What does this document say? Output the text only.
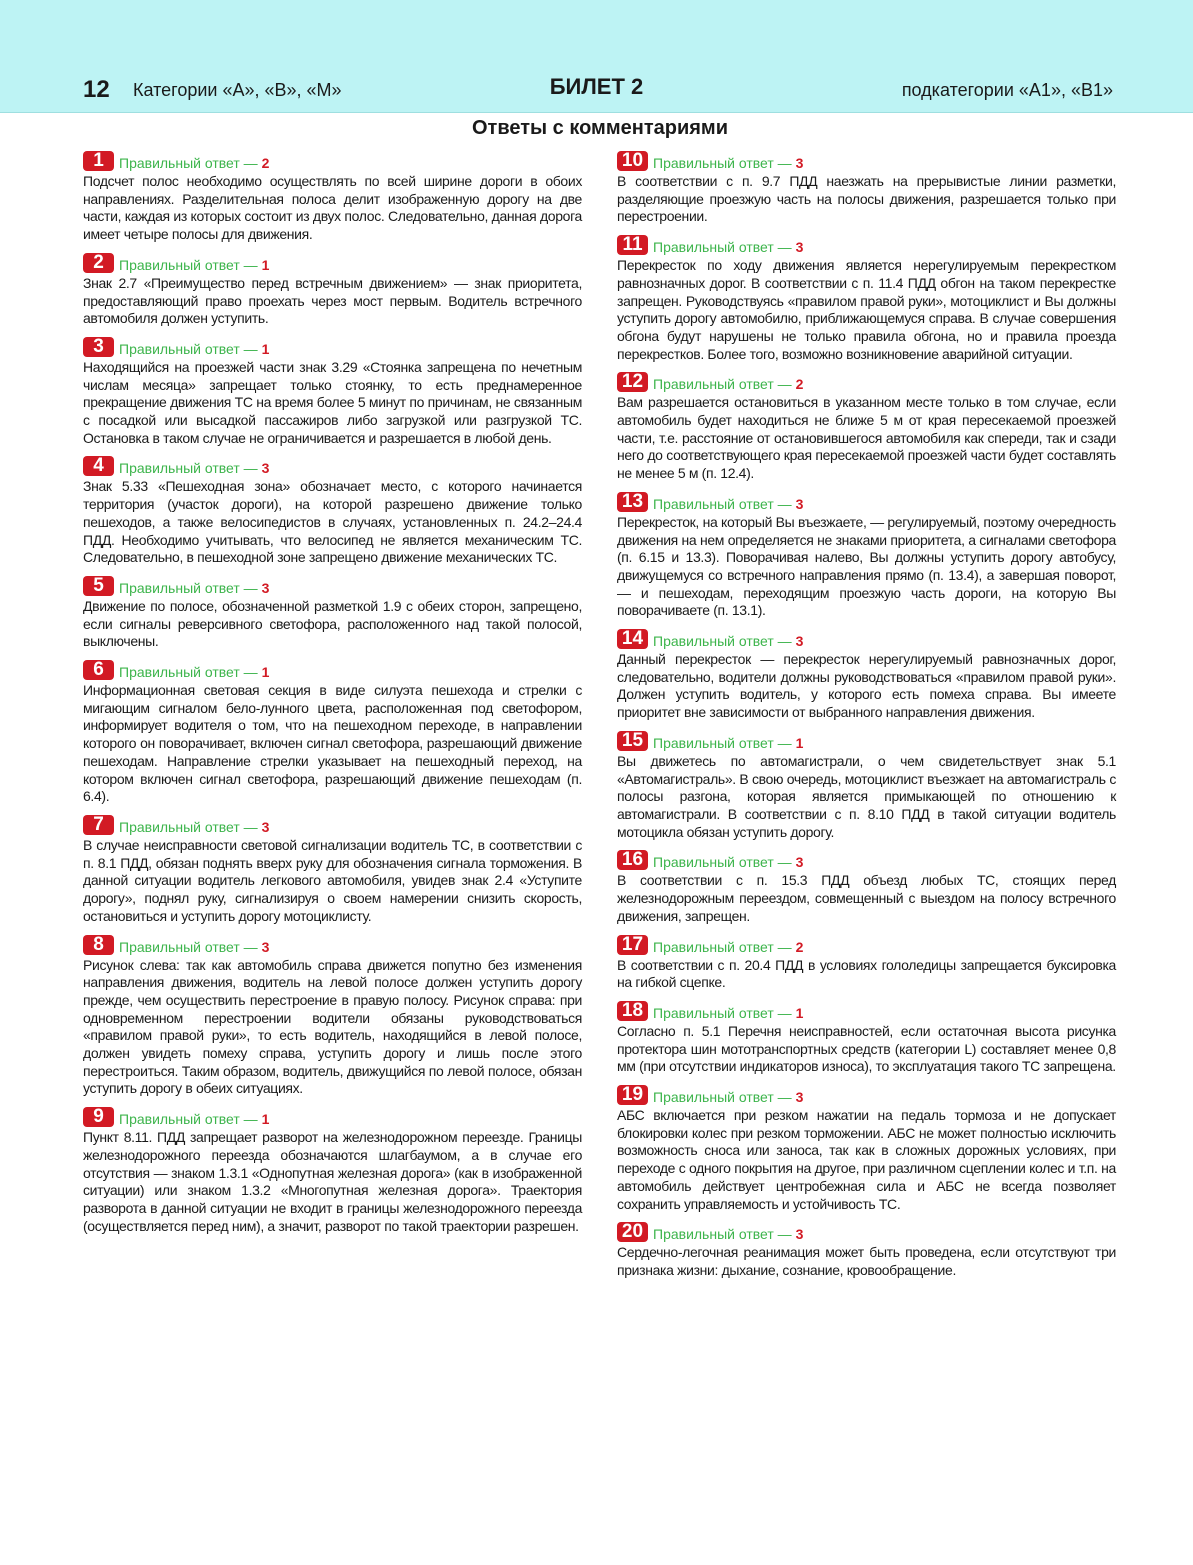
12 Категории «А», «В», «М»	БИЛЕТ 2	подкатегории «А1», «В1»
Ответы с комментариями
1	Правильный ответ — 2
Подсчет полос необходимо осуществлять по всей ширине дороги в обоих направлениях. Разделительная полоса делит изображенную дорогу на две части, каждая из которых состоит из двух полос. Следовательно, данная дорога имеет четыре полосы для движения.
2	Правильный ответ — 1
Знак 2.7 «Преимущество перед встречным движением» — знак приоритета, предоставляющий право проехать через мост первым. Водитель встречного автомобиля должен уступить.
3	Правильный ответ — 1
Находящийся на проезжей части знак 3.29 «Стоянка запрещена по нечетным числам месяца» запрещает только стоянку, то есть преднамеренное прекращение движения ТС на время более 5 минут по причинам, не связанным с посадкой или высадкой пассажиров либо загрузкой или разгрузкой ТС. Остановка в таком случае не ограничивается и разрешается в любой день.
4	Правильный ответ — 3
Знак 5.33 «Пешеходная зона» обозначает место, с которого начинается территория (участок дороги), на которой разрешено движение только пешеходов, а также велосипедистов в случаях, установленных п. 24.2–24.4 ПДД. Необходимо учитывать, что велосипед не является механическим ТС. Следовательно, в пешеходной зоне запрещено движение механических ТС.
5	Правильный ответ — 3
Движение по полосе, обозначенной разметкой 1.9 с обеих сторон, запрещено, если сигналы реверсивного светофора, расположенного над такой полосой, выключены.
6	Правильный ответ — 1
Информационная световая секция в виде силуэта пешехода и стрелки с мигающим сигналом бело-лунного цвета, расположенная под светофором, информирует водителя о том, что на пешеходном переходе, в направлении которого он поворачивает, включен сигнал светофора, разрешающий движение пешеходам. Направление стрелки указывает на пешеходный переход, на котором включен сигнал светофора, разрешающий движение пешеходам (п. 6.4).
7	Правильный ответ — 3
В случае неисправности световой сигнализации водитель ТС, в соответствии с п. 8.1 ПДД, обязан поднять вверх руку для обозначения сигнала торможения. В данной ситуации водитель легкового автомобиля, увидев знак 2.4 «Уступите дорогу», поднял руку, сигнализируя о своем намерении снизить скорость, остановиться и уступить дорогу мотоциклисту.
8	Правильный ответ — 3
Рисунок слева: так как автомобиль справа движется попутно без изменения направления движения, водитель на левой полосе должен уступить дорогу прежде, чем осуществить перестроение в правую полосу. Рисунок справа: при одновременном перестроении водители обязаны руководствоваться «правилом правой руки», то есть водитель, находящийся в левой полосе, должен увидеть помеху справа, уступить дорогу и лишь после этого перестроиться. Таким образом, водитель, движущийся по левой полосе, обязан уступить дорогу в обеих ситуациях.
9	Правильный ответ — 1
Пункт 8.11. ПДД запрещает разворот на железнодорожном переезде. Границы железнодорожного переезда обозначаются шлагбаумом, а в случае его отсутствия — знаком 1.3.1 «Однопутная железная дорога» (как в изображенной ситуации) или знаком 1.3.2 «Многопутная железная дорога». Траектория разворота в данной ситуации не входит в границы железнодорожного переезда (осуществляется перед ним), а значит, разворот по такой траектории разрешен.
10 Правильный ответ — 3
В соответствии с п. 9.7 ПДД наезжать на прерывистые линии разметки, разделяющие проезжую часть на полосы движения, разрешается только при перестроении.
11 Правильный ответ — 3
Перекресток по ходу движения является нерегулируемым перекрестком равнозначных дорог. В соответствии с п. 11.4 ПДД обгон на таком перекрестке запрещен. Руководствуясь «правилом правой руки», мотоциклист и Вы должны уступить дорогу автомобилю, приближающемуся справа. В случае совершения обгона будут нарушены не только правила обгона, но и правила проезда перекрестков. Более того, возможно возникновение аварийной ситуации.
12 Правильный ответ — 2
Вам разрешается остановиться в указанном месте только в том случае, если автомобиль будет находиться не ближе 5 м от края пересекаемой проезжей части, т.е. расстояние от остановившегося автомобиля как спереди, так и сзади него до соответствующего края пересекаемой проезжей части будет составлять не менее 5 м (п. 12.4).
13 Правильный ответ — 3
Перекресток, на который Вы въезжаете, — регулируемый, поэтому очередность движения на нем определяется не знаками приоритета, а сигналами светофора (п. 6.15 и 13.3). Поворачивая налево, Вы должны уступить дорогу автобусу, движущемуся со встречного направления прямо (п. 13.4), а завершая поворот, — и пешеходам, переходящим проезжую часть дороги, на которую Вы поворачиваете (п. 13.1).
14 Правильный ответ — 3
Данный перекресток — перекресток нерегулируемый равнозначных дорог, следовательно, водители должны руководствоваться «правилом правой руки». Должен уступить водитель, у которого есть помеха справа. Вы имеете приоритет вне зависимости от выбранного направления движения.
15 Правильный ответ — 1
Вы движетесь по автомагистрали, о чем свидетельствует знак 5.1 «Автомагистраль». В свою очередь, мотоциклист въезжает на автомагистраль с полосы разгона, которая является примыкающей по отношению к автомагистрали. В соответствии с п. 8.10 ПДД в такой ситуации водитель мотоцикла обязан уступить дорогу.
16 Правильный ответ — 3
В соответствии с п. 15.3 ПДД объезд любых ТС, стоящих перед железнодорожным переездом, совмещенный с выездом на полосу встречного движения, запрещен.
17 Правильный ответ — 2
В соответствии с п. 20.4 ПДД в условиях гололедицы запрещается буксировка на гибкой сцепке.
18 Правильный ответ — 1
Согласно п. 5.1 Перечня неисправностей, если остаточная высота рисунка протектора шин мототранспортных средств (категории L) составляет менее 0,8 мм (при отсутствии индикаторов износа), то эксплуатация такого ТС запрещена.
19 Правильный ответ — 3
АБС включается при резком нажатии на педаль тормоза и не допускает блокировки колес при резком торможении. АБС не может полностью исключить возможность сноса или заноса, так как в сложных дорожных условиях, при переходе с одного покрытия на другое, при различном сцеплении колес и т.п. на автомобиль действует центробежная сила и АБС не всегда позволяет сохранить управляемость и устойчивость ТС.
20 Правильный ответ — 3
Сердечно-легочная реанимация может быть проведена, если отсутствуют три признака жизни: дыхание, сознание, кровообращение.
